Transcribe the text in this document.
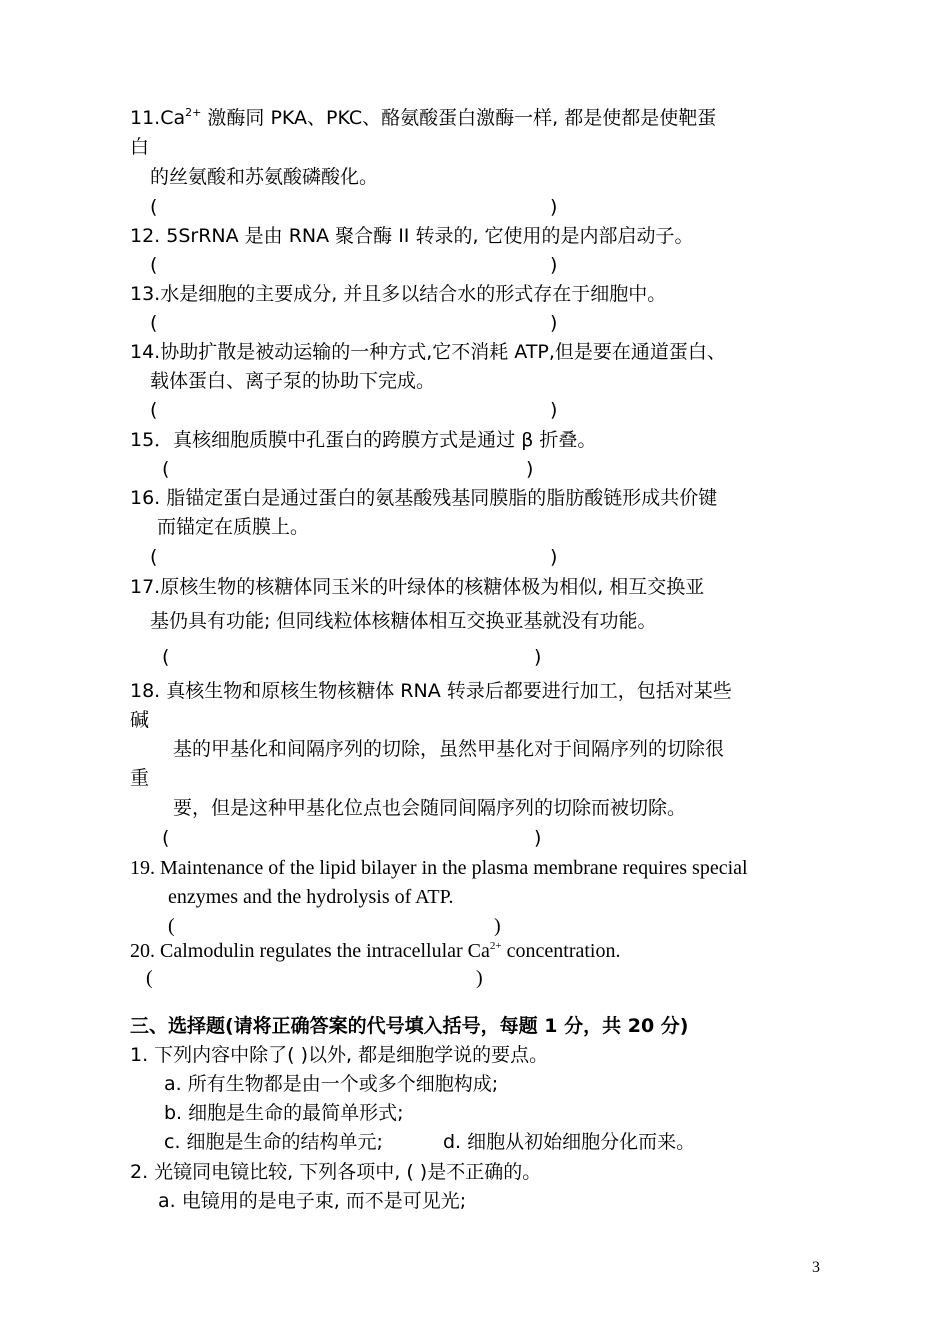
$11.Ca^{2+}$ 激酶同 PKA、PKC、酪氨酸蛋白激酶一样, 都是使都是使靶蛋
白
的丝氨酸和苏氨酸磷酸化。
(	)
12. 5SrRNA 是由 RNA 聚合酶 II 转录的, 它使用的是内部启动子。
(	)
13.水是细胞的主要成分, 并且多以结合水的形式存在于细胞中。
(	)
14.协助扩散是被动运输的一种方式,它不消耗 ATP,但是要在通道蛋白、
载体蛋白、离子泵的协助下完成。
(	)
15．真核细胞质膜中孔蛋白的跨膜方式是通过 β 折叠。
(	)
16. 脂锚定蛋白是通过蛋白的氨基酸残基同膜脂的脂肪酸链形成共价键
而锚定在质膜上。
(	)
17.原核生物的核糖体同玉米的叶绿体的核糖体极为相似, 相互交换亚
基仍具有功能; 但同线粒体核糖体相互交换亚基就没有功能。
(	)
18. 真核生物和原核生物核糖体 RNA 转录后都要进行加工，包括对某些
碱
基的甲基化和间隔序列的切除，虽然甲基化对于间隔序列的切除很
重
要，但是这种甲基化位点也会随同间隔序列的切除而被切除。
(	)
19. Maintenance of the lipid bilayer in the plasma membrane requires special
enzymes and the hydrolysis of ATP.
(	)
20. Calmodulin regulates the intracellular $Ca^{2+}$ concentration.
(	)
三、选择题(请将正确答案的代号填入括号，每题 1 分，共 20 分)
1. 下列内容中除了( )以外, 都是细胞学说的要点。
a. 所有生物都是由一个或多个细胞构成;
b. 细胞是生命的最简单形式;
c. 细胞是生命的结构单元;	d. 细胞从初始细胞分化而来。
2. 光镜同电镜比较, 下列各项中, ( )是不正确的。
a. 电镜用的是电子束, 而不是可见光;
3
